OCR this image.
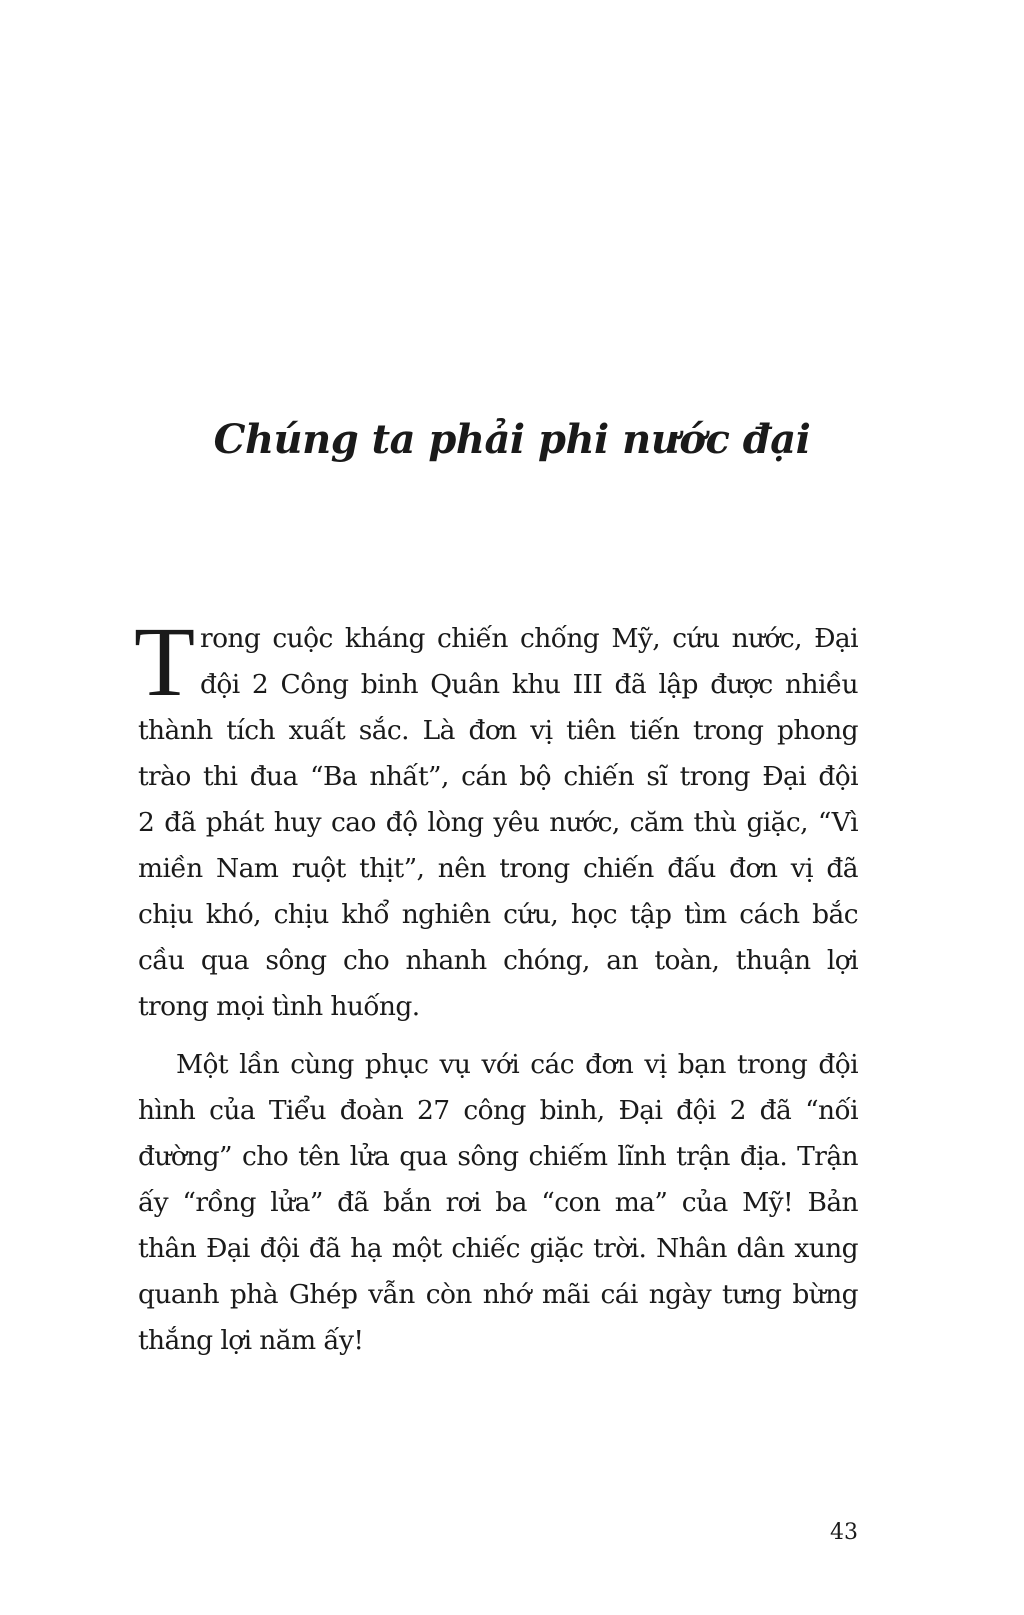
Chúng ta phải phi nước đại
T rong cuộc kháng chiến chống Mỹ, cứu nước, Đại
đội 2 Công binh Quân khu III đã lập được nhiều
thành tích xuất sắc. Là đơn vị tiên tiến trong phong
trào thi đua “Ba nhất”, cán bộ chiến sĩ trong Đại đội
2 đã phát huy cao độ lòng yêu nước, căm thù giặc, “Vì
miền Nam ruột thịt”, nên trong chiến đấu đơn vị đã
chịu khó, chịu khổ nghiên cứu, học tập tìm cách bắc
cầu qua sông cho nhanh chóng, an toàn, thuận lợi
trong mọi tình huống.
Một lần cùng phục vụ với các đơn vị bạn trong đội
hình của Tiểu đoàn 27 công binh, Đại đội 2 đã “nối
đường” cho tên lửa qua sông chiếm lĩnh trận địa. Trận
ấy “rồng lửa” đã bắn rơi ba “con ma” của Mỹ! Bản
thân Đại đội đã hạ một chiếc giặc trời. Nhân dân xung
quanh phà Ghép vẫn còn nhớ mãi cái ngày tưng bừng
thắng lợi năm ấy!
43
